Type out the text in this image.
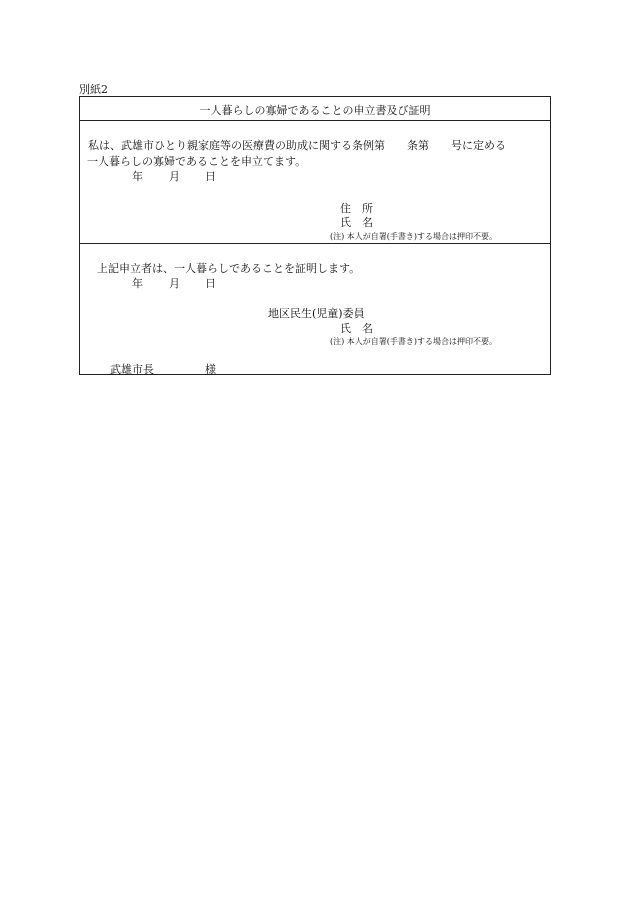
別紙2
一人暮らしの寡婦であることの申立書及び証明
私は、武雄市ひとり親家庭等の医療費の助成に関する条例第　　条第　　号に定める
一人暮らしの寡婦であることを申立てます。
年 月 日
住　所
氏　名
(注) 本人が自署(手書き)する場合は押印不要。
上記申立者は、一人暮らしであることを証明します。
年 月 日
地区民生(児童)委員
氏　名
(注) 本人が自署(手書き)する場合は押印不要。
武雄市長	様
